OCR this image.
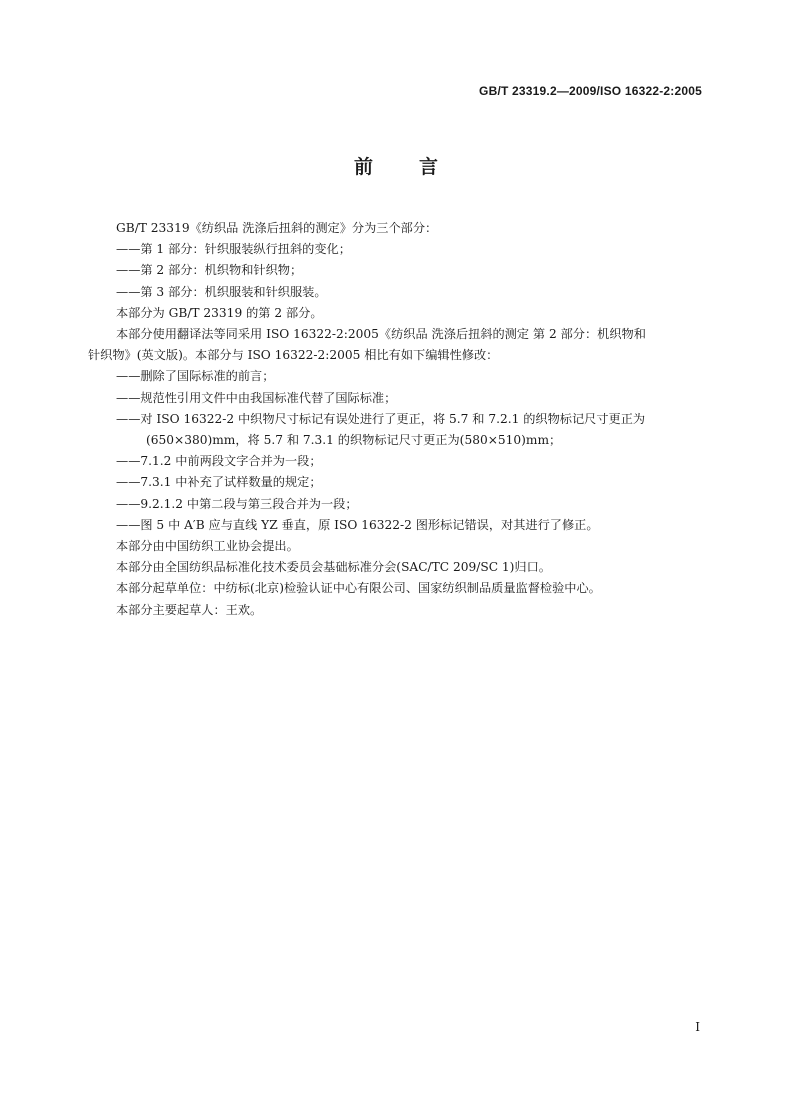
GB/T 23319.2—2009/ISO 16322-2:2005
前言

GB/T 23319《纺织品 洗涤后扭斜的测定》分为三个部分：

——第 1 部分：针织服装纵行扭斜的变化；

——第 2 部分：机织物和针织物；

——第 3 部分：机织服装和针织服装。

本部分为 GB/T 23319 的第 2 部分。

本部分使用翻译法等同采用 ISO 16322-2:2005《纺织品 洗涤后扭斜的测定 第 2 部分：机织物和

针织物》(英文版)。本部分与 ISO 16322-2:2005 相比有如下编辑性修改：

——删除了国际标准的前言；

——规范性引用文件中由我国标准代替了国际标准；

——对 ISO 16322-2 中织物尺寸标记有误处进行了更正，将 5.7 和 7.2.1 的织物标记尺寸更正为

(650×380)mm，将 5.7 和 7.3.1 的织物标记尺寸更正为(580×510)mm；

——7.1.2 中前两段文字合并为一段；

——7.3.1 中补充了试样数量的规定；

——9.2.1.2 中第二段与第三段合并为一段；

——图 5 中 A′B 应与直线 YZ 垂直，原 ISO 16322-2 图形标记错误，对其进行了修正。

本部分由中国纺织工业协会提出。

本部分由全国纺织品标准化技术委员会基础标准分会(SAC/TC 209/SC 1)归口。

本部分起草单位：中纺标(北京)检验认证中心有限公司、国家纺织制品质量监督检验中心。

本部分主要起草人：王欢。

I
